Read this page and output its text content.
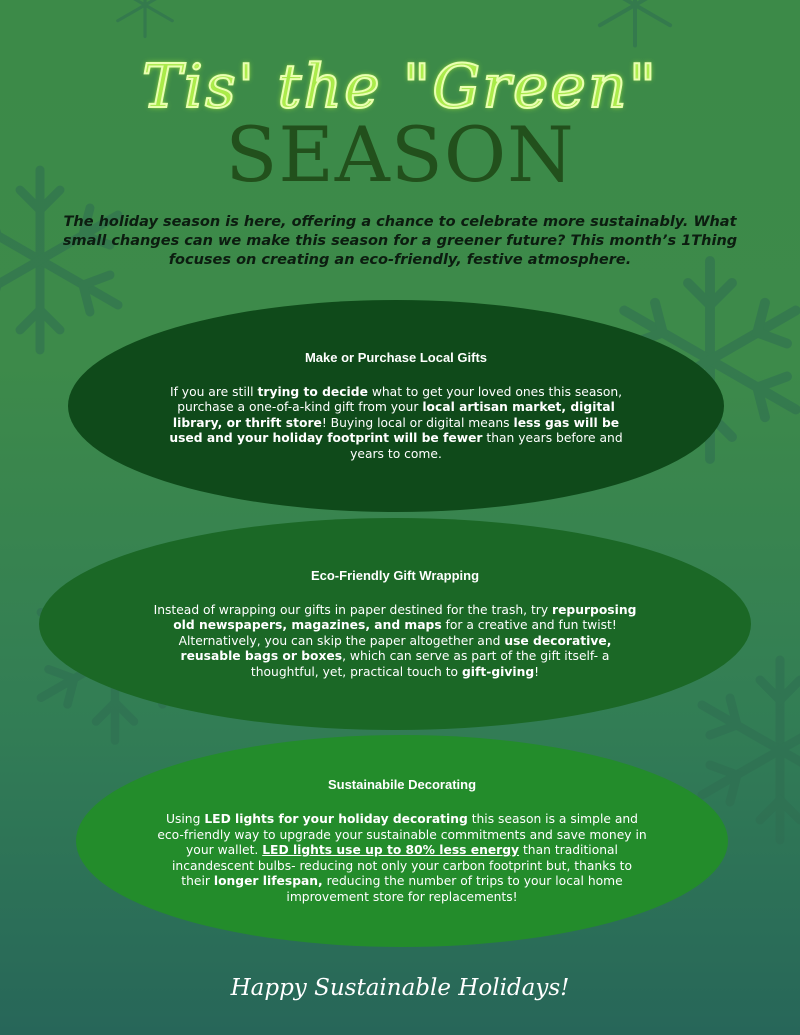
Tis' the "Green"
SEASON
The holiday season is here, offering a chance to celebrate more sustainably. What small changes can we make this season for a greener future? This month’s 1Thing focuses on creating an eco-friendly, festive atmosphere.
Make or Purchase Local Gifts

If you are still trying to decide what to get your loved ones this season, purchase a one-of-a-kind gift from your local artisan market, digital library, or thrift store! Buying local or digital means less gas will be used and your holiday footprint will be fewer than years before and years to come.

Eco-Friendly Gift Wrapping

Instead of wrapping our gifts in paper destined for the trash, try repurposing old newspapers, magazines, and maps for a creative and fun twist! Alternatively, you can skip the paper altogether and use decorative, reusable bags or boxes, which can serve as part of the gift itself- a thoughtful, yet, practical touch to gift-giving!

Sustainabile Decorating

Using LED lights for your holiday decorating this season is a simple and eco-friendly way to upgrade your sustainable commitments and save money in your wallet. LED lights use up to 80% less energy than traditional incandescent bulbs- reducing not only your carbon footprint but, thanks to their longer lifespan, reducing the number of trips to your local home improvement store for replacements!

Happy Sustainable Holidays!
